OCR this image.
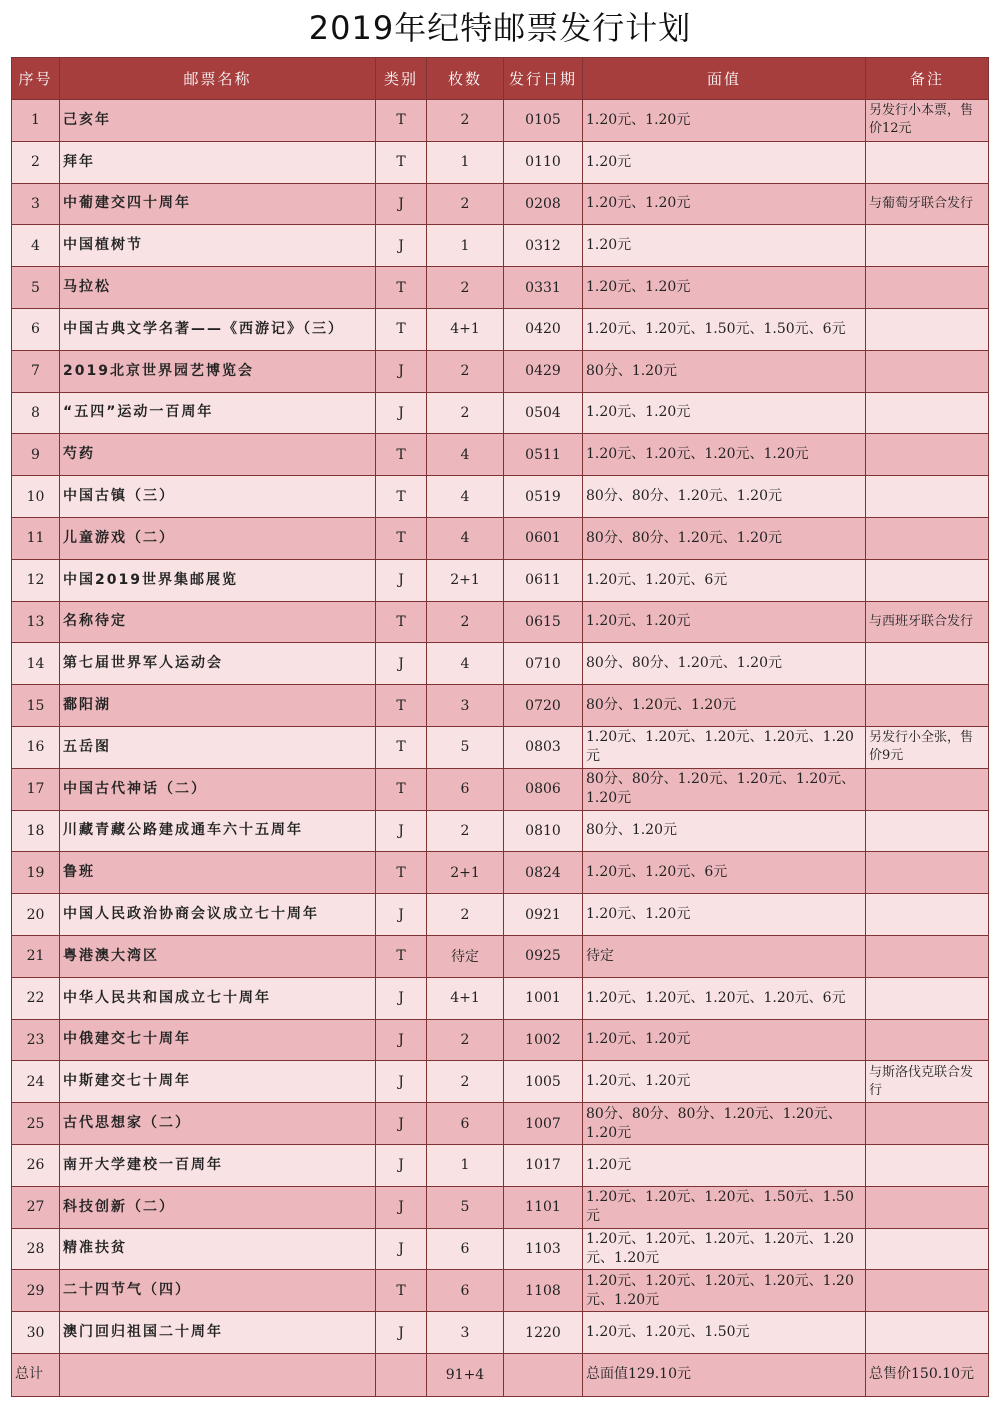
2019年纪特邮票发行计划
序号	邮票名称	类别	枚数	发行日期	面值	备注
1	己亥年	T	2	0105	1.20元、1.20元	另发行小本票，售价12元
2	拜年	T	1	0110	1.20元	
3	中葡建交四十周年	J	2	0208	1.20元、1.20元	与葡萄牙联合发行
4	中国植树节	J	1	0312	1.20元	
5	马拉松	T	2	0331	1.20元、1.20元	
6	中国古典文学名著——《西游记》（三）	T	4+1	0420	1.20元、1.20元、1.50元、1.50元、6元	
7	2019北京世界园艺博览会	J	2	0429	80分、1.20元	
8	“五四”运动一百周年	J	2	0504	1.20元、1.20元	
9	芍药	T	4	0511	1.20元、1.20元、1.20元、1.20元	
10	中国古镇（三）	T	4	0519	80分、80分、1.20元、1.20元	
11	儿童游戏（二）	T	4	0601	80分、80分、1.20元、1.20元	
12	中国2019世界集邮展览	J	2+1	0611	1.20元、1.20元、6元	
13	名称待定	T	2	0615	1.20元、1.20元	与西班牙联合发行
14	第七届世界军人运动会	J	4	0710	80分、80分、1.20元、1.20元	
15	鄱阳湖	T	3	0720	80分、1.20元、1.20元	
16	五岳图	T	5	0803	1.20元、1.20元、1.20元、1.20元、1.20元	另发行小全张，售价9元
17	中国古代神话（二）	T	6	0806	80分、80分、1.20元、1.20元、1.20元、1.20元	
18	川藏青藏公路建成通车六十五周年	J	2	0810	80分、1.20元	
19	鲁班	T	2+1	0824	1.20元、1.20元、6元	
20	中国人民政治协商会议成立七十周年	J	2	0921	1.20元、1.20元	
21	粤港澳大湾区	T	待定	0925	待定	
22	中华人民共和国成立七十周年	J	4+1	1001	1.20元、1.20元、1.20元、1.20元、6元	
23	中俄建交七十周年	J	2	1002	1.20元、1.20元	
24	中斯建交七十周年	J	2	1005	1.20元、1.20元	与斯洛伐克联合发行
25	古代思想家（二）	J	6	1007	80分、80分、80分、1.20元、1.20元、1.20元	
26	南开大学建校一百周年	J	1	1017	1.20元	
27	科技创新（二）	J	5	1101	1.20元、1.20元、1.20元、1.50元、1.50元	
28	精准扶贫	J	6	1103	1.20元、1.20元、1.20元、1.20元、1.20元、1.20元	
29	二十四节气（四）	T	6	1108	1.20元、1.20元、1.20元、1.20元、1.20元、1.20元	
30	澳门回归祖国二十周年	J	3	1220	1.20元、1.20元、1.50元	
总计			91+4		总面值129.10元	总售价150.10元
